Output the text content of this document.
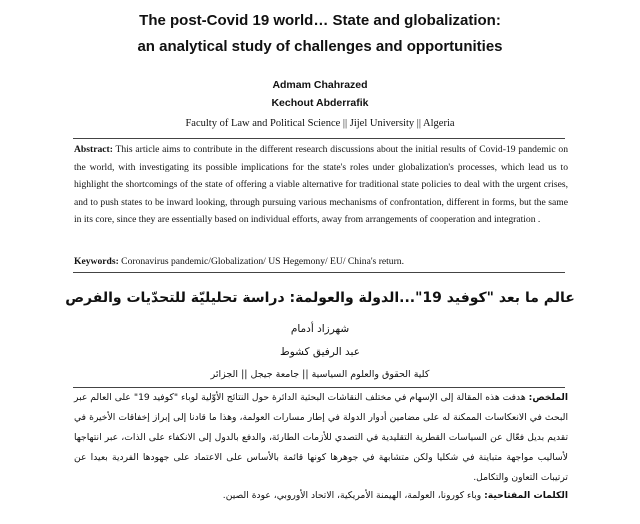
The post-Covid 19 world… State and globalization:
an analytical study of challenges and opportunities

Admam Chahrazed

Kechout Abderrafik

Faculty of Law and Political Science || Jijel University || Algeria

Abstract: This article aims to contribute in the different research discussions about the initial results of Covid-19 pandemic on the world, with investigating its possible implications for the state's roles under globalization's processes, which lead us to highlight the shortcomings of the state of offering a viable alternative for traditional state policies to deal with the urgent crises, and to push states to be inward looking, through pursuing various mechanisms of confrontation, different in forms, but the same in its core, since they are essentially based on individual efforts, away from arrangements of cooperation and integration .

Keywords: Coronavirus pandemic/Globalization/ US Hegemony/ EU/ China's return.

عالم ما بعد "كوفيد 19"...الدولة والعولمة: دراسة تحليليّة للتحدّيات والفرص

شهرزاد أدمام

عبد الرفيق كشوط

كلية الحقوق والعلوم السياسية || جامعة جيجل || الجزائر

الملخص: هدفت هذه المقالة إلى الإسهام في مختلف النقاشات البحثية الدائرة حول النتائج الأوّلية لوباء "كوفيد 19" على العالم عبر البحث في الانعكاسات الممكنة له على مضامين أدوار الدولة في إطار مسارات العولمة، وهذا ما قادنا إلى إبراز إخفاقات الأخيرة في تقديم بديل فعّال عن السياسات القطرية التقليدية في التصدي للأزمات الطارئة، والدفع بالدول إلى الانكفاء على الذات، عبر انتهاجها لأساليب مواجهة متباينة في شكليا ولكن متشابهة في جوهرها كونها قائمة بالأساس على الاعتماد على جهودها الفردية بعيدا عن ترتيبات التعاون والتكامل.

الكلمات المفتاحية: وباء كورونا، العولمة، الهيمنة الأمريكية، الاتحاد الأوروبي، عودة الصين.
